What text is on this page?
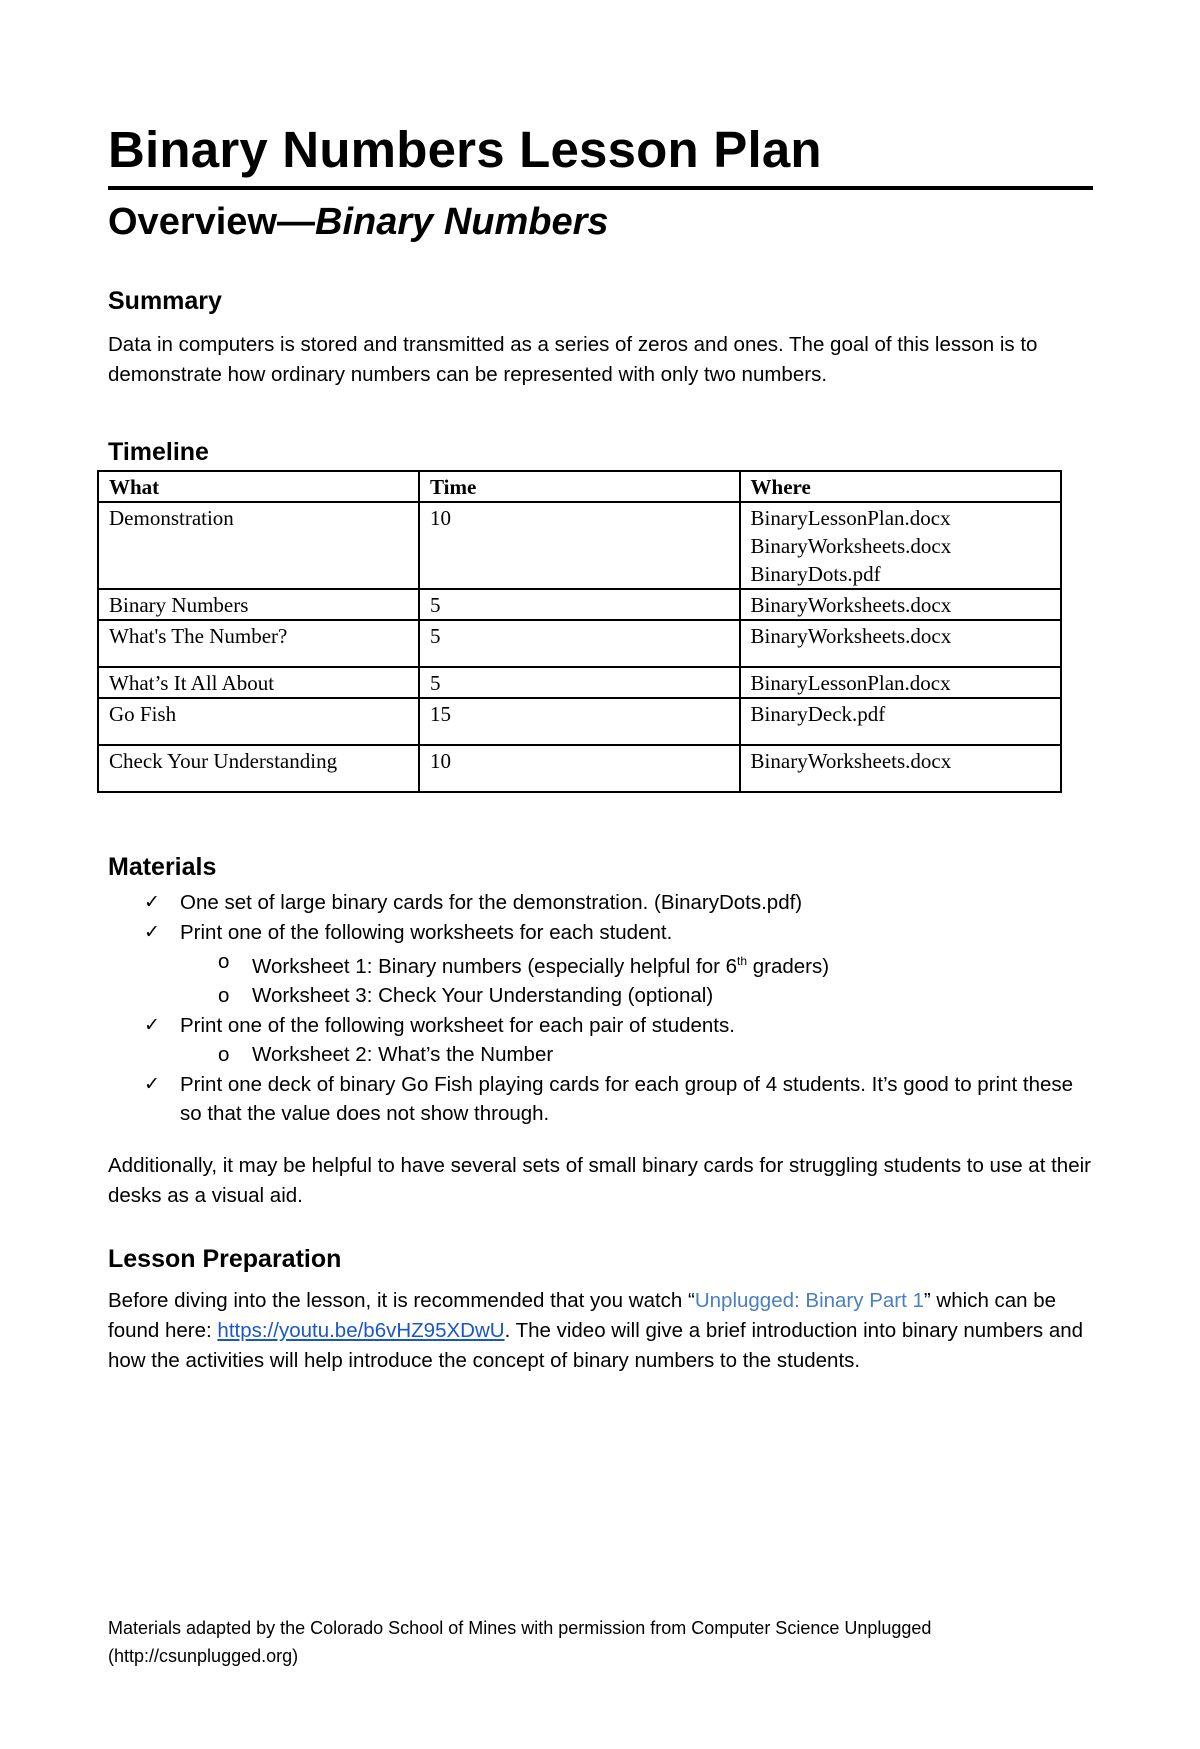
Binary Numbers Lesson Plan
Overview—Binary Numbers
Summary

Data in computers is stored and transmitted as a series of zeros and ones. The goal of this lesson is to demonstrate how ordinary numbers can be represented with only two numbers.

Timeline
What	Time	Where
Demonstration	10	BinaryLessonPlan.docx
BinaryWorksheets.docx
BinaryDots.pdf

Binary Numbers	5	BinaryWorksheets.docx
What's The Number?	5	BinaryWorksheets.docx
What’s It All About	5	BinaryLessonPlan.docx
Go Fish	15	BinaryDeck.pdf
Check Your Understanding	10	BinaryWorksheets.docx
Materials
✓ One set of large binary cards for the demonstration. (BinaryDots.pdf)
✓ Print one of the following worksheets for each student.
o Worksheet 1: Binary numbers (especially helpful for 6th graders)
o Worksheet 3: Check Your Understanding (optional)
✓ Print one of the following worksheet for each pair of students.
o Worksheet 2: What’s the Number
✓ Print one deck of binary Go Fish playing cards for each group of 4 students. It’s good to print these so that the value does not show through.

Additionally, it may be helpful to have several sets of small binary cards for struggling students to use at their desks as a visual aid.

Lesson Preparation

Before diving into the lesson, it is recommended that you watch “Unplugged: Binary Part 1” which can be found here: https://youtu.be/b6vHZ95XDwU. The video will give a brief introduction into binary numbers and how the activities will help introduce the concept of binary numbers to the students.

Materials adapted by the Colorado School of Mines with permission from Computer Science Unplugged
(http://csunplugged.org)
